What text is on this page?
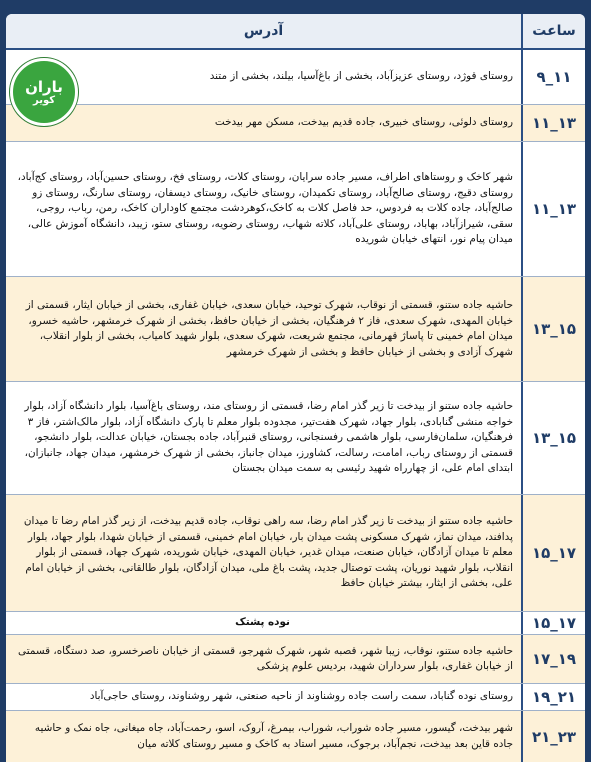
ساعت
آدرس
۱۱_۹
روستای قوژد، روستای عزیزآباد، بخشی از باغ‌آسیا، بیلند، بخشی از متند
۱۳_۱۱
روستای دلوئی، روستای خبیری، جاده قدیم بیدخت، مسکن مهر بیدخت
۱۳_۱۱
شهر کاخک و روستاهای اطراف، مسیر جاده سرایان، روستای کلات، روستای فخ، روستای حسین‌آباد، روستای کج‌آباد، روستای دقیج، روستای صالح‌آباد، روستای تکمیدان، روستای خانیک، روستای دیسفان، روستای سارنگ، روستای زو صالح‌آباد، جاده کلات به فردوس، حد فاصل کلات به کاخک،کوهردشت مجتمع کاوداران کاخک، رمن، رباب، روجی، سقی، شیرازآباد، بهاباد، روستای علی‌آباد، کلاته شهاب، روستای رضویه، روستای ستو، زیبد، دانشگاه آموزش عالی، میدان پیام نور، انتهای خیابان شوریده
۱۵_۱۳
حاشیه جاده ستنو، قسمتی از نوقاب، شهرک توحید، خیابان سعدی، خیابان غفاری، بخشی از خیابان ایثار، قسمتی از خیابان المهدی، شهرک سعدی، فاز ۲ فرهنگیان، بخشی از خیابان حافظ، بخشی از شهرک خرمشهر، حاشیه خسرو، میدان امام خمینی تا پاساژ قهرمانی، مجتمع شریعت، شهرک سعدی، بلوار شهید کامیاب، بخشی از بلوار انقلاب، شهرک آزادی و بخشی از خیابان حافظ و بخشی از شهرک خرمشهر
۱۵_۱۳
حاشیه جاده ستنو از بیدخت تا زیر گذر امام رضا، قسمتی از روستای مند، روستای باغ‌آسیا، بلوار دانشگاه آزاد، بلوار خواجه منشی گنابادی، بلوار جهاد، شهرک هفت‌تیر، مجدوده بلوار معلم تا پارک دانشگاه آزاد، بلوار مالک‌اشتر، فاز ۳ فرهنگیان، سلمان‌فارسی، بلوار هاشمی رفسنجانی، روستای قنبرآباد، جاده بجستان، خیابان عدالت، بلوار دانشجو، قسمتی از روستای رباب، امامت، رسالت، کشاورز، میدان جانباز، بخشی از شهرک خرمشهر، میدان جهاد، جانبازان، ابتدای امام علی، از چهارراه شهید رئیسی به سمت میدان بجستان
۱۷_۱۵
حاشیه جاده ستنو از بیدخت تا زیر گذر امام رضا، سه راهی نوقاب، جاده قدیم بیدخت، از زیر گذر امام رضا تا میدان پدافند، میدان نماز، شهرک مسکونی پشت میدان بار، خیابان امام خمینی، قسمتی از خیابان شهدا، بلوار جهاد، بلوار معلم تا میدان آزادگان، خیابان صنعت، میدان غدیر، خیابان المهدی، خیابان شوریده، شهرک جهاد، قسمتی از بلوار انقلاب، بلوار شهید نوریان، پشت توصتال جدید، پشت باغ ملی، میدان آزادگان، بلوار طالقانی، بخشی از خیابان امام علی، بخشی از ایثار، بیشتر خیابان حافظ
۱۷_۱۵
نوده پشتک
۱۹_۱۷
حاشیه جاده ستنو، نوقاب، زیبا شهر، قصبه شهر، شهرک شهرجو، قسمتی از خیابان ناصرخسرو، صد دستگاه، قسمتی از خیابان غفاری، بلوار سرداران شهید، بردیس علوم پزشکی
۲۱_۱۹
روستای نوده گناباد، سمت راست جاده روشناوند از ناحیه صنعتی، شهر روشناوند، روستای حاجی‌آباد
۲۳_۲۱
شهر بیدخت، گیسور، مسیر جاده شوراب، شوراب، بیمرغ، آروک، اسو، رحمت‌آباد، جاه میغانی، جاه نمک و حاشیه جاده قاین بعد بیدخت، نجم‌آباد، برجوک، مسیر استاد به کاخک و مسیر روستای کلاته میان
باران
کویر
